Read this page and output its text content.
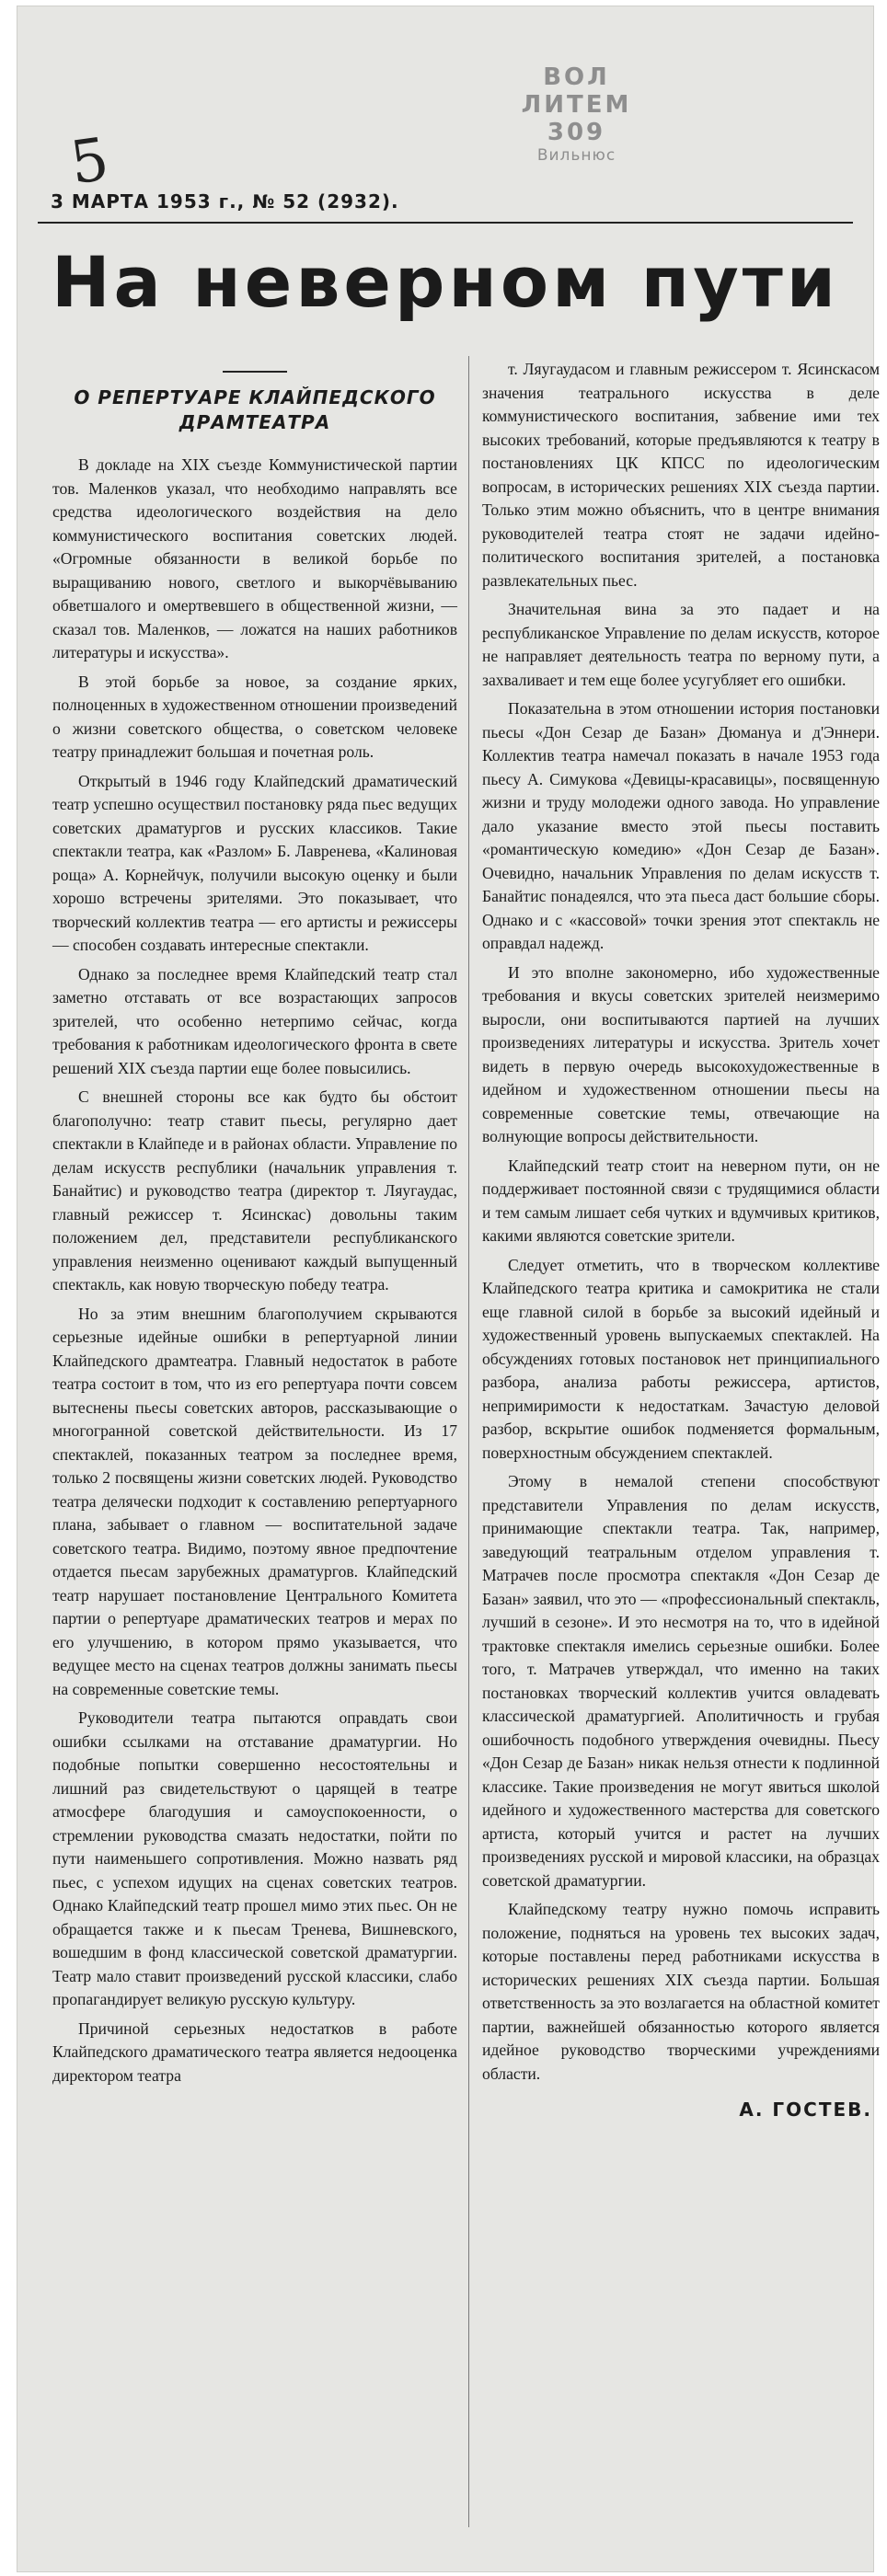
ВОЛ ЛИТЕМ 309
Вильнюс
5
3 МАРТА 1953 г., № 52 (2932).
На неверном пути
О РЕПЕРТУАРЕ КЛАЙПЕДСКОГО ДРАМТЕАТРА

В докладе на XIX съезде Коммунистической партии тов. Маленков указал, что необходимо направлять все средства идеологического воздействия на дело коммунистического воспитания советских людей. «Огромные обязанности в великой борьбе по выращиванию нового, светлого и выкорчёвыванию обветшалого и омертвевшего в общественной жизни, — сказал тов. Маленков, — ложатся на наших работников литературы и искусства».

В этой борьбе за новое, за создание ярких, полноценных в художественном отношении произведений о жизни советского общества, о советском человеке театру принадлежит большая и почетная роль.

Открытый в 1946 году Клайпедский драматический театр успешно осуществил постановку ряда пьес ведущих советских драматургов и русских классиков. Такие спектакли театра, как «Разлом» Б. Лавренева, «Калиновая роща» А. Корнейчук, получили высокую оценку и были хорошо встречены зрителями. Это показывает, что творческий коллектив театра — его артисты и режиссеры — способен создавать интересные спектакли.

Однако за последнее время Клайпедский театр стал заметно отставать от все возрастающих запросов зрителей, что особенно нетерпимо сейчас, когда требования к работникам идеологического фронта в свете решений XIX съезда партии еще более повысились.

С внешней стороны все как будто бы обстоит благополучно: театр ставит пьесы, регулярно дает спектакли в Клайпеде и в районах области. Управление по делам искусств республики (начальник управления т. Банайтис) и руководство театра (директор т. Ляугаудас, главный режиссер т. Ясинскас) довольны таким положением дел, представители республиканского управления неизменно оценивают каждый выпущенный спектакль, как новую творческую победу театра.

Но за этим внешним благополучием скрываются серьезные идейные ошибки в репертуарной линии Клайпедского драмтеатра. Главный недостаток в работе театра состоит в том, что из его репертуара почти совсем вытеснены пьесы советских авторов, рассказывающие о многогранной советской действительности. Из 17 спектаклей, показанных театром за последнее время, только 2 посвящены жизни советских людей. Руководство театра делячески подходит к составлению репертуарного плана, забывает о главном — воспитательной задаче советского театра. Видимо, поэтому явное предпочтение отдается пьесам зарубежных драматургов. Клайпедский театр нарушает постановление Центрального Комитета партии о репертуаре драматических театров и мерах по его улучшению, в котором прямо указывается, что ведущее место на сценах театров должны занимать пьесы на современные советские темы.

Руководители театра пытаются оправдать свои ошибки ссылками на отставание драматургии. Но подобные попытки совершенно несостоятельны и лишний раз свидетельствуют о царящей в театре атмосфере благодушия и самоуспокоенности, о стремлении руководства смазать недостатки, пойти по пути наименьшего сопротивления. Можно назвать ряд пьес, с успехом идущих на сценах советских театров. Однако Клайпедский театр прошел мимо этих пьес. Он не обращается также и к пьесам Тренева, Вишневского, вошедшим в фонд классической советской драматургии. Театр мало ставит произведений русской классики, слабо пропагандирует великую русскую культуру.

Причиной серьезных недостатков в работе Клайпедского драматического театра является недооценка директором театра

т. Ляугаудасом и главным режиссером т. Ясинскасом значения театрального искусства в деле коммунистического воспитания, забвение ими тех высоких требований, которые предъявляются к театру в постановлениях ЦК КПСС по идеологическим вопросам, в исторических решениях XIX съезда партии. Только этим можно объяснить, что в центре внимания руководителей театра стоят не задачи идейно-политического воспитания зрителей, а постановка развлекательных пьес.

Значительная вина за это падает и на республиканское Управление по делам искусств, которое не направляет деятельность театра по верному пути, а захваливает и тем еще более усугубляет его ошибки.

Показательна в этом отношении история постановки пьесы «Дон Сезар де Базан» Дюмануа и д'Эннери. Коллектив театра намечал показать в начале 1953 года пьесу А. Симукова «Девицы-красавицы», посвященную жизни и труду молодежи одного завода. Но управление дало указание вместо этой пьесы поставить «романтическую комедию» «Дон Сезар де Базан». Очевидно, начальник Управления по делам искусств т. Банайтис понадеялся, что эта пьеса даст большие сборы. Однако и с «кассовой» точки зрения этот спектакль не оправдал надежд.

И это вполне закономерно, ибо художественные требования и вкусы советских зрителей неизмеримо выросли, они воспитываются партией на лучших произведениях литературы и искусства. Зритель хочет видеть в первую очередь высокохудожественные в идейном и художественном отношении пьесы на современные советские темы, отвечающие на волнующие вопросы действительности.

Клайпедский театр стоит на неверном пути, он не поддерживает постоянной связи с трудящимися области и тем самым лишает себя чутких и вдумчивых критиков, какими являются советские зрители.

Следует отметить, что в творческом коллективе Клайпедского театра критика и самокритика не стали еще главной силой в борьбе за высокий идейный и художественный уровень выпускаемых спектаклей. На обсуждениях готовых постановок нет принципиального разбора, анализа работы режиссера, артистов, непримиримости к недостаткам. Зачастую деловой разбор, вскрытие ошибок подменяется формальным, поверхностным обсуждением спектаклей.

Этому в немалой степени способствуют представители Управления по делам искусств, принимающие спектакли театра. Так, например, заведующий театральным отделом управления т. Матрачев после просмотра спектакля «Дон Сезар де Базан» заявил, что это — «профессиональный спектакль, лучший в сезоне». И это несмотря на то, что в идейной трактовке спектакля имелись серьезные ошибки. Более того, т. Матрачев утверждал, что именно на таких постановках творческий коллектив учится овладевать классической драматургией. Аполитичность и грубая ошибочность подобного утверждения очевидны. Пьесу «Дон Сезар де Базан» никак нельзя отнести к подлинной классике. Такие произведения не могут явиться школой идейного и художественного мастерства для советского артиста, который учится и растет на лучших произведениях русской и мировой классики, на образцах советской драматургии.

Клайпедскому театру нужно помочь исправить положение, подняться на уровень тех высоких задач, которые поставлены перед работниками искусства в исторических решениях XIX съезда партии. Большая ответственность за это возлагается на областной комитет партии, важнейшей обязанностью которого является идейное руководство творческими учреждениями области.

А. ГОСТЕВ.
